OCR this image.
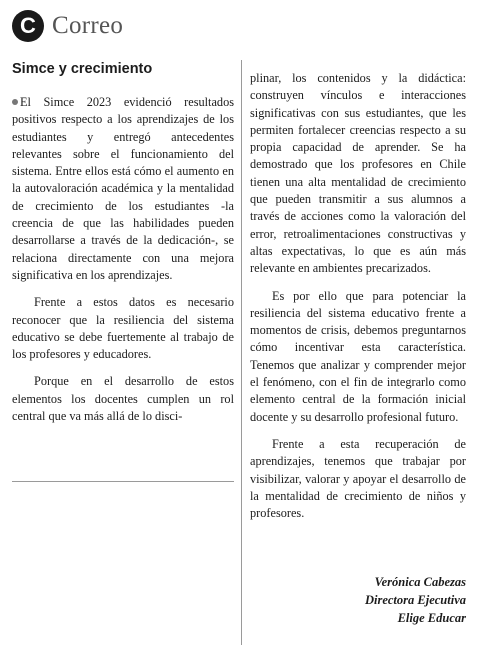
C Correo
Simce y crecimiento

El Simce 2023 evidenció resultados positivos respecto a los aprendizajes de los estudiantes y entregó antecedentes relevantes sobre el funcionamiento del sistema. Entre ellos está cómo el aumento en la autovaloración académica y la mentalidad de crecimiento de los estudiantes -la creencia de que las habilidades pueden desarrollarse a través de la dedicación-, se relaciona directamente con una mejora significativa en los aprendizajes.

Frente a estos datos es necesario reconocer que la resiliencia del sistema educativo se debe fuertemente al trabajo de los profesores y educadores.

Porque en el desarrollo de estos elementos los docentes cumplen un rol central que va más allá de lo disci-

plinar, los contenidos y la didáctica: construyen vínculos e interacciones significativas con sus estudiantes, que les permiten fortalecer creencias respecto a su propia capacidad de aprender. Se ha demostrado que los profesores en Chile tienen una alta mentalidad de crecimiento que pueden transmitir a sus alumnos a través de acciones como la valoración del error, retroalimentaciones constructivas y altas expectativas, lo que es aún más relevante en ambientes precarizados.

Es por ello que para potenciar la resiliencia del sistema educativo frente a momentos de crisis, debemos preguntarnos cómo incentivar esta característica. Tenemos que analizar y comprender mejor el fenómeno, con el fin de integrarlo como elemento central de la formación inicial docente y su desarrollo profesional futuro.

Frente a esta recuperación de aprendizajes, tenemos que trabajar por visibilizar, valorar y apoyar el desarrollo de la mentalidad de crecimiento de niños y profesores.

Verónica Cabezas
Directora Ejecutiva
Elige Educar
